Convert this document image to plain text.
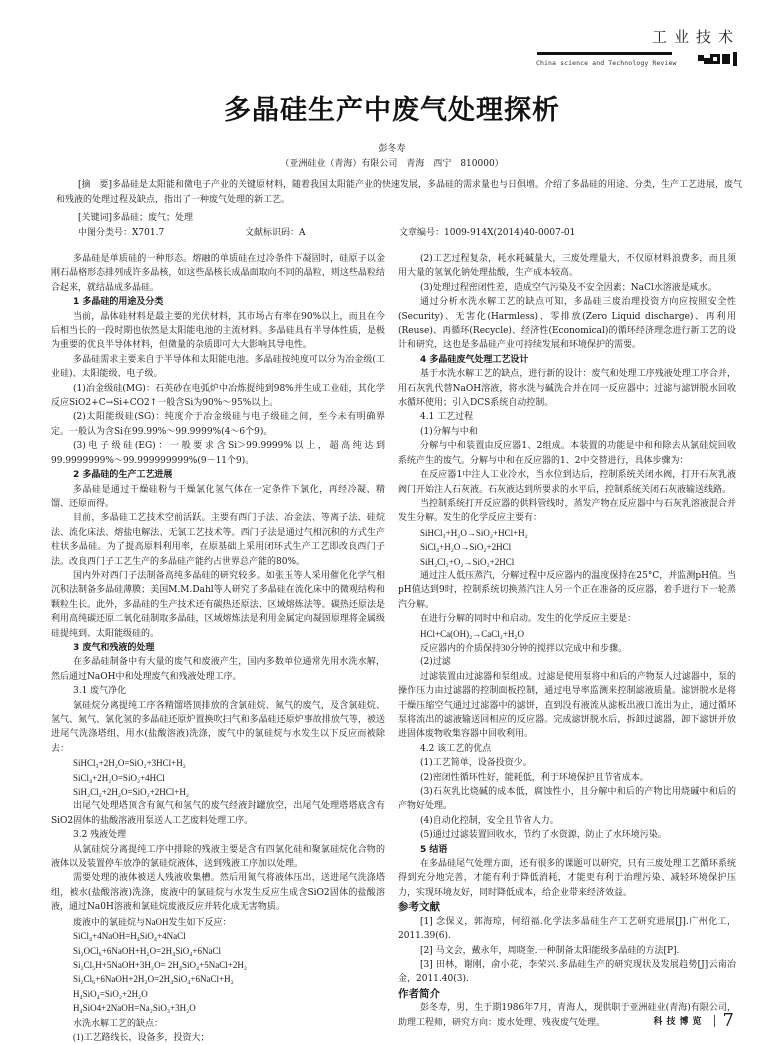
工业技术
China science and Technology Review
多晶硅生产中废气处理探析
彭冬寿
（亚洲硅业（青海）有限公司　青海　西宁　810000）
[摘　要]多晶硅是太阳能和微电子产业的关键原材料，随着我国太阳能产业的快速发展，多晶硅的需求量也与日俱增。介绍了多晶硅的用途、分类，生产工艺进展，废气和残液的处理过程及缺点，指出了一种废气处理的新工艺。
[关键词]多晶硅；废气；处理
中图分类号：X701.7	文献标识码：A	文章编号：1009-914X(2014)40-0007-01
多晶硅是单质硅的一种形态。熔融的单质硅在过冷条件下凝固时，硅原子以金刚石晶格形态排列成许多晶核，如这些晶核长成晶面取向不同的晶粒，则这些晶粒结合起来，就结晶成多晶硅。
1 多晶硅的用途及分类
当前，晶体硅材料是最主要的光伏材料，其市场占有率在90%以上，而且在今后相当长的一段时期也依然是太阳能电池的主流材料。多晶硅具有半导体性质，是极为重要的优良半导体材料，但微量的杂质即可大大影响其导电性。
多晶硅需求主要来自于半导体和太阳能电池。多晶硅按纯度可以分为冶金级(工业硅)、太阳能级、电子级。
(1)冶金级硅(MG)：石英砂在电弧炉中冶炼提纯到98%并生成工业硅，其化学反应SiO2+C→Si+CO2↑一般含Si为90%～95%以上。
(2)太阳能级硅(SG)：纯度介于冶金级硅与电子级硅之间，至今未有明确界定。一般认为含Si在99.99%～99.9999%(4～6个9)。
(3)电子级硅(EG)：一般要求含Si＞99.9999%以上，超高纯达到99.9999999%～99.999999999%(9－11个9)。
2 多晶硅的生产工艺进展
多晶硅是通过干燥硅粉与干燥氯化氢气体在一定条件下氯化，再经冷凝、精馏、还原而得。
目前，多晶硅工艺技术空前活跃。主要有西门子法、冶金法、等离子法、硅烷法、流化床法、熔盐电解法、无氯工艺技术等。西门子法是通过气相沉积的方式生产柱状多晶硅。为了提高原料利用率，在原基础上采用闭环式生产工艺即改良西门子法。改良西门子工艺生产的多晶硅产能约占世界总产能的80%。
国内外对西门子法制备高纯多晶硅的研究较多。如张玉等人采用催化化学气相沉积法制备多晶硅薄膜；美国M.M.Dahl等人研究了多晶硅在流化床中的微观结构和颗粒生长。此外，多晶硅的生产技术还有碳热还原法、区域熔炼法等。碳热还原法是利用高纯碳还原二氧化硅制取多晶硅，区域熔炼法是利用金属定向凝固原理将金属级硅提纯到、太阳能级硅的。
3 废气和残液的处理
在多晶硅制备中有大量的废气和废液产生，国内多数单位通常先用水洗水解，然后通过NaOH中和处理废气和残液处理工序。
3.1 废气净化
氯硅烷分离提纯工序各精馏塔顶排放的含氯硅烷、氮气的废气，及含氯硅烷、氢气、氮气、氯化氢的多晶硅还原炉置换吹扫气和多晶硅还原炉事故排放气等，被送进尾气洗涤塔组，用水(盐酸溶液)洗涤，废气中的氯硅烷与水发生以下反应而被除去：
SiHCl₃+2H₂O=SiO₂+3HCl+H₂
SiCl₄+2H₂O=SiO₂+4HCl
SiH₂Cl₂+2H₂O=SiO₂+2HCl+H₂
出尾气处理塔顶含有氮气和氢气的废气经液封罐放空，出尾气处理塔塔底含有SiO2固体的盐酸溶液用泵送人工艺废料处理工序。
3.2 残液处理
从氯硅烷分离提纯工序中排除的残液主要是含有四氯化硅和聚氯硅烷化合物的液体以及装置停车放净的氯硅烷液体，送到残液工序加以处理。
需要处理的液体被送人残液收集槽。然后用氮气将液体压出，送进尾气洗涤塔组，被水(盐酸溶液)洗涤，废液中的氯硅烷与水发生反应生成含SiO2固体的盐酸溶液，通过Na0H溶液和氯硅烷废液反应并转化成无害物质。
废液中的氯硅烷与NaOH发生如下反应：
SiCl₄+4NaOH=H₄SiO₄+4NaCl
Si₂OCl₆+6NaOH+H₂O=2H₄SiO₄+6NaCl
Si₂Cl₅H+5NaOH+3H₂O= 2H₄SiO₄+5NaCl+2H₂
Si₂Cl₆+6NaOH+2H₂O=2H₄SiO₄+6NaCl+H₂
H₄SiO₄=SiO₂+2H₂O
H₄SiO4+2NaOH=Na₂SiO₃+3H₂O
水洗水解工艺的缺点：
(1)工艺路线长，设备多，投资大；
(2)工艺过程复杂，耗水耗碱量大，三废处理量大，不仅原材料浪费多，而且须用大量的氢氧化钠处理盐酸，生产成本较高。
(3)处理过程密闭性差，造成空气污染及不安全因素；NaCl水溶液是咸水。
通过分析水洗水解工艺的缺点可知，多晶硅三废治理投资方向应按照安全性(Security)、无害化(Harmless)、零排放(Zero Liquid discharge)、再利用(Reuse)、再循环(Recycle)、经济性(Economical)的循环经济理念进行新工艺的设计和研究，这也是多晶硅产业可持续发展和环境保护的需要。
4 多晶硅废气处理工艺设计
基于水洗水解工艺的缺点，进行新的设计：废气和处理工序残液处理工序合并，用石灰乳代替NaOH溶液，将水洗与碱洗合并在同一反应器中；过滤与滤饼脱水回收水循环使用；引入DCS系统自动控制。
4.1 工艺过程
(1)分解与中和
分解与中和装置由反应器1、2组成。本装置的功能是中和和除去从氯硅烷回收系统产生的废气。分解与中和在反应器的1、2中交替进行，具体步骤为：
在反应器1中注人工业冷水，当水位到达后，控制系统关闭水阀，打开石灰乳液阀门开始注人石灰液。石灰液达到所要求的水平后，控制系统关闭石灰液输送线路。
当控制系统打开反应器的供料管线时，蒸发产物在反应器中与石灰乳溶液混合并发生分解。发生的化学反应主要有：
SiHCl₃+H₂O→SiO₂+HCl+H₂
SiCl₄+H₂O→SiO₂+2HCl
SiH₂Cl₂+O₂→SiO₂+2HCl
通过注人低压蒸汽，分解过程中反应器内的温度保持在25°C，并监测pH值。当pH值达到9时，控制系统切换蒸汽注人另一个正在准备的反应器，着手进行下一轮蒸汽分解。
在进行分解的同时中和启动。发生的化学反应主要是：
HCl+Ca(OH)₂→CaCl₂+H₂O
反应器内的介质保持30分钟的搅拌以完成中和步骤。
(2)过滤
过滤装置由过滤器和泵组成。过滤是使用泵将中和后的产物泵人过滤器中，泵的操作压力由过滤器的控制面板控制，通过电导率监测来控制滤液质量。滤饼脱水是将干燥压缩空气通过过滤器中的滤饼，直到没有液流从滤板出液口流出为止，通过循环泵将流出的滤液输送回相应的反应器。完成滤饼脱水后，拆卸过滤器，卸下滤饼并放进固体废物收集容器中回收利用。
4.2 该工艺的优点
(1)工艺简单，设备投资少。
(2)密闭性循环性好，能耗低，利于环境保护且节省成本。
(3)石灰乳比烧碱的成本低，腐蚀性小，且分解中和后的产物比用烧碱中和后的产物好处理。
(4)自动化控制，安全且节省人力。
(5)通过过滤装置回收水，节约了水资源，防止了水环境污染。
5 结语
在多晶硅尾气处理方面，还有很多的课题可以研究，只有三废处理工艺循环系统得到充分地完善，才能有利于降低消耗，才能更有利于治理污染、减轻环境保护压力，实现环境友好，同时降低成本，给企业带来经济效益。
参考文献
[1] 念保义，郭海琼，何绍福.化学法多晶硅生产工艺研究进展[J].广州化工，2011.39(6).
[2] 马文会，戴永年，周晓奎.一种制备太阳能级多晶硅的方法[P].
[3] 田林，谢刚，俞小花，李荣兴.多晶硅生产的研究现状及发展趋势[J]云南冶金，2011.40(3).
作者简介
彭冬寿，男，生于期1986年7月，青海人，现供职于亚洲硅业(青海)有限公司，助理工程师，研究方向：废水处理、残夜废气处理。	科技博览 7
